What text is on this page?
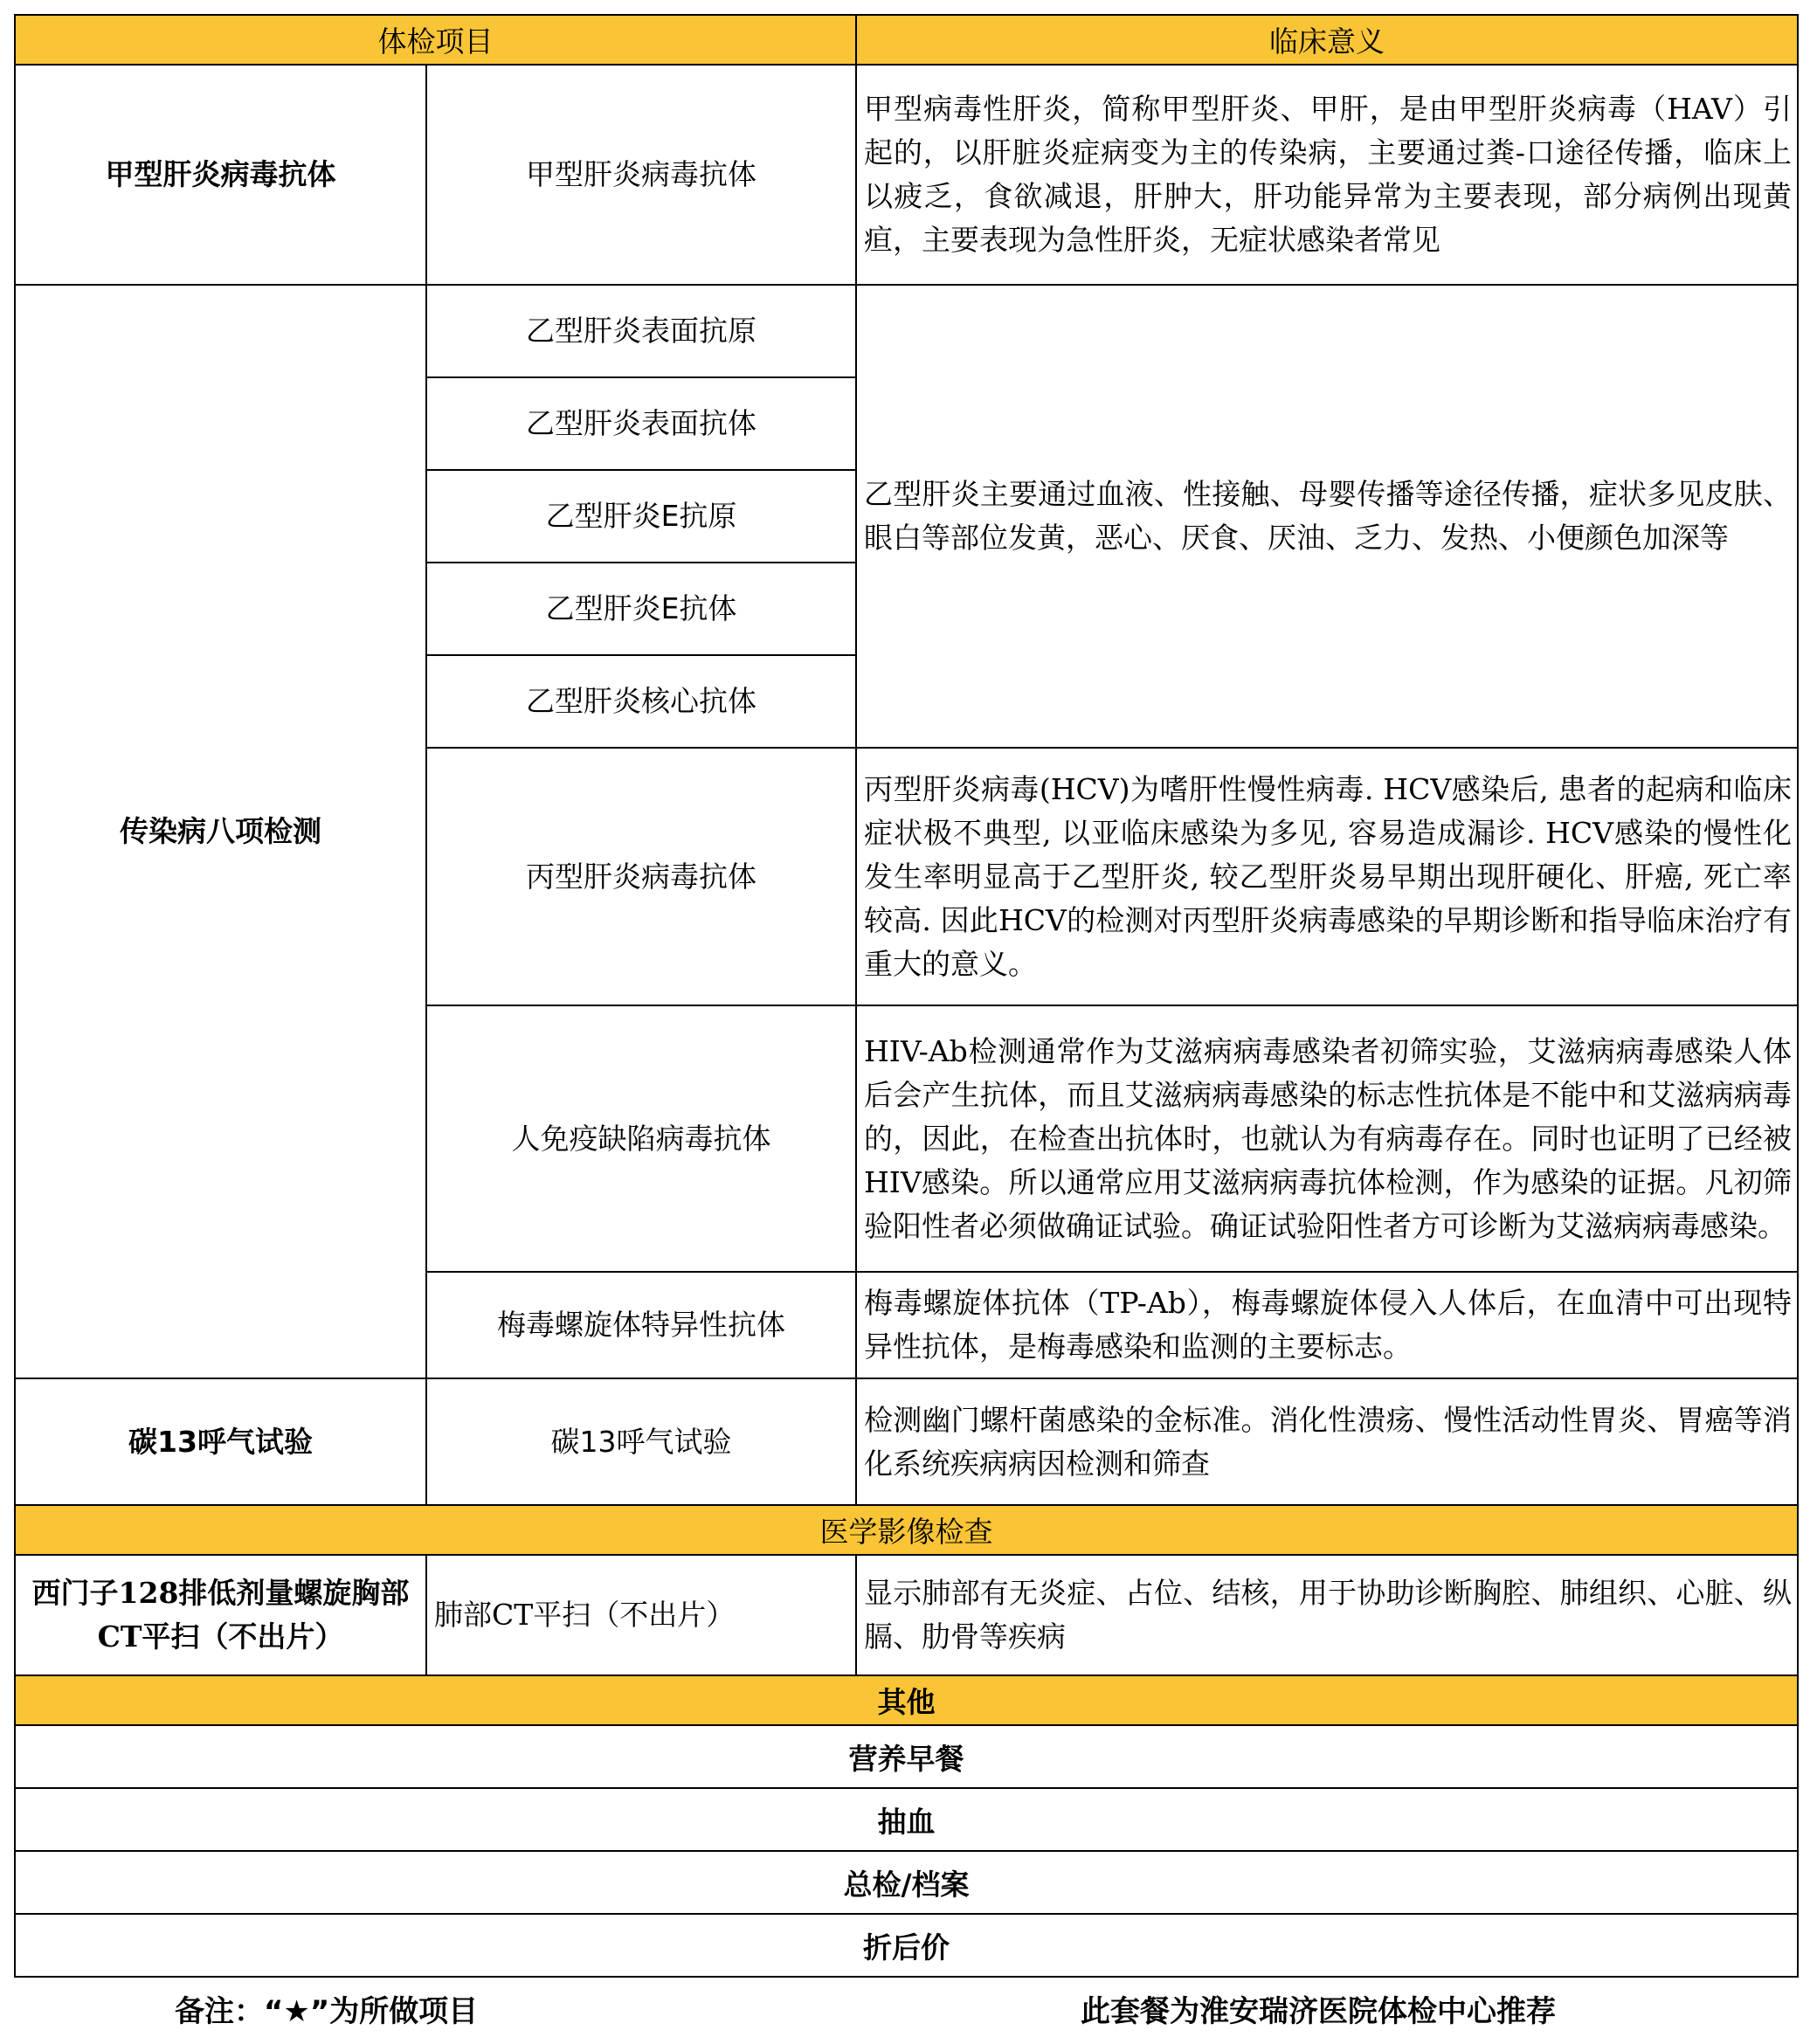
体检项目		临床意义
甲型肝炎病毒抗体	甲型肝炎病毒抗体	甲型病毒性肝炎，简称甲型肝炎、甲肝，是由甲型肝炎病毒（HAV）引起的，以肝脏炎症病变为主的传染病，主要通过粪-口途径传播，临床上以疲乏，食欲减退，肝肿大，肝功能异常为主要表现，部分病例出现黄疸，主要表现为急性肝炎，无症状感染者常见
传染病八项检测	乙型肝炎表面抗原	乙型肝炎主要通过血液、性接触、母婴传播等途径传播，症状多见皮肤、眼白等部位发黄，恶心、厌食、厌油、乏力、发热、小便颜色加深等
	乙型肝炎表面抗体	
	乙型肝炎E抗原	
	乙型肝炎E抗体	
	乙型肝炎核心抗体	
	丙型肝炎病毒抗体	丙型肝炎病毒(HCV)为嗜肝性慢性病毒. HCV感染后, 患者的起病和临床症状极不典型, 以亚临床感染为多见, 容易造成漏诊. HCV感染的慢性化发生率明显高于乙型肝炎, 较乙型肝炎易早期出现肝硬化、肝癌, 死亡率较高. 因此HCV的检测对丙型肝炎病毒感染的早期诊断和指导临床治疗有重大的意义。
	人免疫缺陷病毒抗体	HIV-Ab检测通常作为艾滋病病毒感染者初筛实验，艾滋病病毒感染人体后会产生抗体，而且艾滋病病毒感染的标志性抗体是不能中和艾滋病病毒的，因此，在检查出抗体时，也就认为有病毒存在。同时也证明了已经被HIV感染。所以通常应用艾滋病病毒抗体检测，作为感染的证据。凡初筛验阳性者必须做确证试验。确证试验阳性者方可诊断为艾滋病病毒感染。
	梅毒螺旋体特异性抗体	梅毒螺旋体抗体（TP-Ab），梅毒螺旋体侵入人体后，在血清中可出现特异性抗体，是梅毒感染和监测的主要标志。
碳13呼气试验	碳13呼气试验	检测幽门螺杆菌感染的金标准。消化性溃疡、慢性活动性胃炎、胃癌等消化系统疾病病因检测和筛查
医学影像检查		
西门子128排低剂量螺旋胸部CT平扫（不出片）	肺部CT平扫（不出片）	显示肺部有无炎症、占位、结核，用于协助诊断胸腔、肺组织、心脏、纵膈、肋骨等疾病
其他		
营养早餐		
抽血		
总检/档案		
折后价		
备注：“★”为所做项目	此套餐为淮安瑞济医院体检中心推荐
